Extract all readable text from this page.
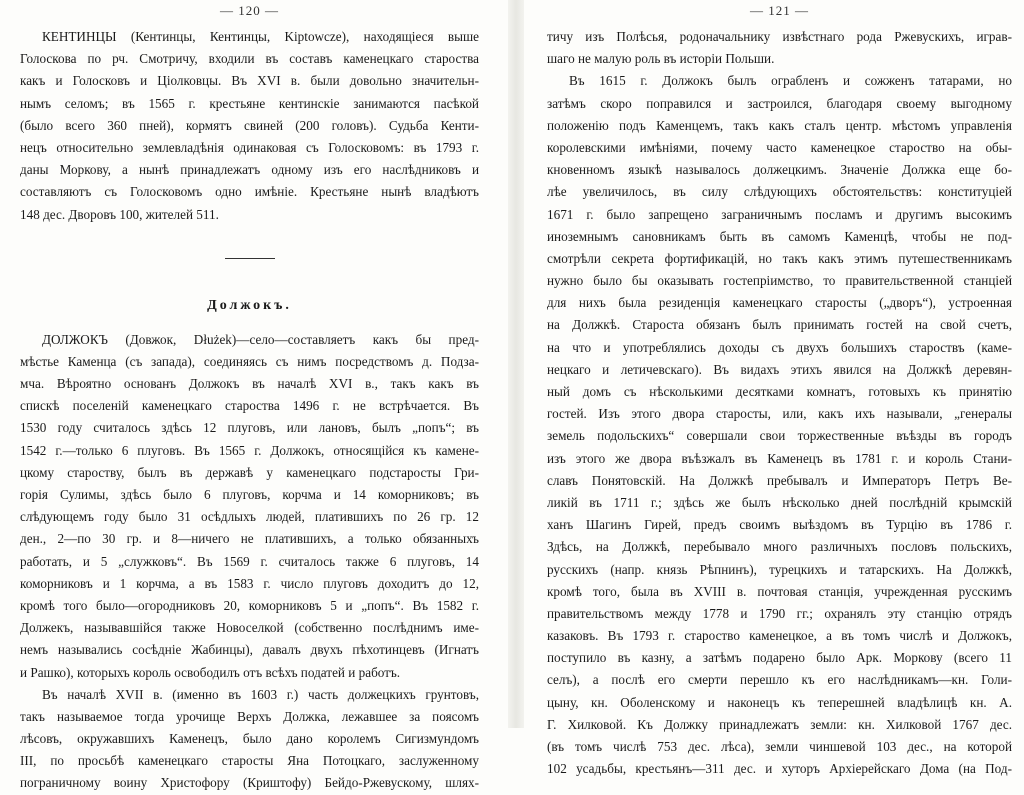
— 120 —
КЕНТИНЦЫ (Кентинцы, Кентинцы, Kiptowcze), находящiеся выше
Голоскова по рч. Смотричу, входили въ составъ каменецкаго староства
какъ и Голосковъ и Цiолковцы. Въ XVI в. были довольно значительн-
нымъ селомъ; въ 1565 г. крестьяне кентинскiе занимаются пасѣкой
(было всего 360 пней), кормятъ свиней (200 головъ). Судьба Кенти-
нецъ относительно землевладѣнiя одинаковая съ Голосковомъ: въ 1793 г.
даны Моркову, а нынѣ принадлежатъ одному изъ его наслѣдниковъ и
составляютъ съ Голосковомъ одно имѣнiе. Крестьяне нынѣ владѣютъ
148 дес. Дворовъ 100, жителей 511.
Должокъ.
ДОЛЖОКЪ (Довжок, Dłużek)—село—составляетъ какъ бы пред-
мѣстье Каменца (съ запада), соединяясь съ нимъ посредствомъ д. Подза-
мча. Вѣроятно основанъ Должокъ въ началѣ XVI в., такъ какъ въ
спискѣ поселенiй каменецкаго староства 1496 г. не встрѣчается. Въ
1530 году считалось здѣсь 12 плуговъ, или лановъ, былъ „попъ“; въ
1542 г.—только 6 плуговъ. Въ 1565 г. Должокъ, относящiйся къ камене-
цкому староству, былъ въ державѣ у каменецкаго подстаросты Гри-
горiя Сулимы, здѣсь было 6 плуговъ, корчма и 14 коморниковъ; въ
слѣдующемъ году было 31 осѣдлыхъ людей, платившихъ по 26 гр. 12
ден., 2—по 30 гр. и 8—ничего не платившихъ, а только обязанныхъ
работать, и 5 „служковъ“. Въ 1569 г. считалось также 6 плуговъ, 14
коморниковъ и 1 корчма, а въ 1583 г. число плуговъ доходитъ до 12,
кромѣ того было—огородниковъ 20, коморниковъ 5 и „попъ“. Въ 1582 г.
Должекъ, называвшiйся также Новоселкой (собственно послѣднимъ име-
немъ назывались сосѣднiе Жабинцы), давалъ двухъ пѣхотинцевъ (Игнатъ
и Рашко), которыхъ король освободилъ отъ всѣхъ податей и работъ.
Въ началѣ XVII в. (именно въ 1603 г.) часть должецкихъ грунтовъ,
такъ называемое тогда урочище Верхъ Должка, лежавшее за поясомъ
лѣсовъ, окружавшихъ Каменецъ, было дано королемъ Сигизмундомъ
III, по просьбѣ каменецкаго старосты Яна Потоцкаго, заслуженному
пограничному воину Христофору (Криштофу) Бейдо-Ржевускому, шлях-
— 121 —
тичу изъ Полѣсья, родоначальнику извѣстнаго рода Ржевускихъ, игрaв-
шаго не малую роль въ исторiи Польши.
Въ 1615 г. Должокъ былъ ограбленъ и сожженъ татарами, но
затѣмъ скоро поправился и застроился, благодаря своему выгодному
положенiю подъ Каменцемъ, такъ какъ сталъ центр. мѣстомъ управленiя
королевскими имѣнiями, почему часто каменецкое староство на обы-
кновенномъ языкѣ называлось должецкимъ. Значенiе Должка еще бо-
лѣе увеличилось, въ силу слѣдующихъ обстоятельствъ: конституцiей
1671 г. было запрещено заграничнымъ посламъ и другимъ высокимъ
иноземнымъ сановникамъ быть въ самомъ Каменцѣ, чтобы не под-
смотрѣли секрета фортификацiй, но такъ какъ этимъ путешественникамъ
нужно было бы оказывать гостепрiимство, то правительственной станцiей
для нихъ была резиденцiя каменецкаго старосты („дворъ“), устроенная
на Должкѣ. Староста обязанъ былъ принимать гостей на свой счетъ,
на что и употреблялись доходы съ двухъ большихъ староствъ (каме-
нецкаго и летичевскаго). Въ видахъ этихъ явился на Должкѣ деревян-
ный домъ съ нѣсколькими десятками комнатъ, готовыхъ къ принятiю
гостей. Изъ этого двора старосты, или, какъ ихъ называли, „генералы
земель подольскихъ“ совершали свои торжественные въѣзды въ городъ
изъ этого же двора въѣзжалъ въ Каменецъ въ 1781 г. и король Стани-
славъ Понятовскiй. На Должкѣ пребывалъ и Императоръ Петръ Ве-
ликiй въ 1711 г.; здѣсь же былъ нѣсколько дней послѣднiй крымскiй
ханъ Шагинъ Гирей, предъ своимъ выѣздомъ въ Турцiю въ 1786 г.
Здѣсь, на Должкѣ, перебывало много различныхъ пословъ польскихъ,
русскихъ (напр. князь Рѣпнинъ), турецкихъ и татарскихъ. На Должкѣ,
кромѣ того, была въ XVIII в. почтовая станцiя, учрежденная русскимъ
правительствомъ между 1778 и 1790 гг.; охранялъ эту станцiю отрядъ
казаковъ. Въ 1793 г. староство каменецкое, а въ томъ числѣ и Должокъ,
поступило въ казну, а затѣмъ подарено было Арк. Моркову (всего 11
селъ), а послѣ его смерти перешло къ его наслѣдникамъ—кн. Голи-
цыну, кн. Оболенскому и наконецъ къ теперешней владѣлицѣ кн. А.
Г. Хилковой. Къ Должку принадлежатъ земли: кн. Хилковой 1767 дес.
(въ томъ числѣ 753 дес. лѣса), земли чиншевой 103 дес., на которой
102 усадьбы, крестьянъ—311 дес. и хуторъ Архiерейскаго Дома (на Под-
